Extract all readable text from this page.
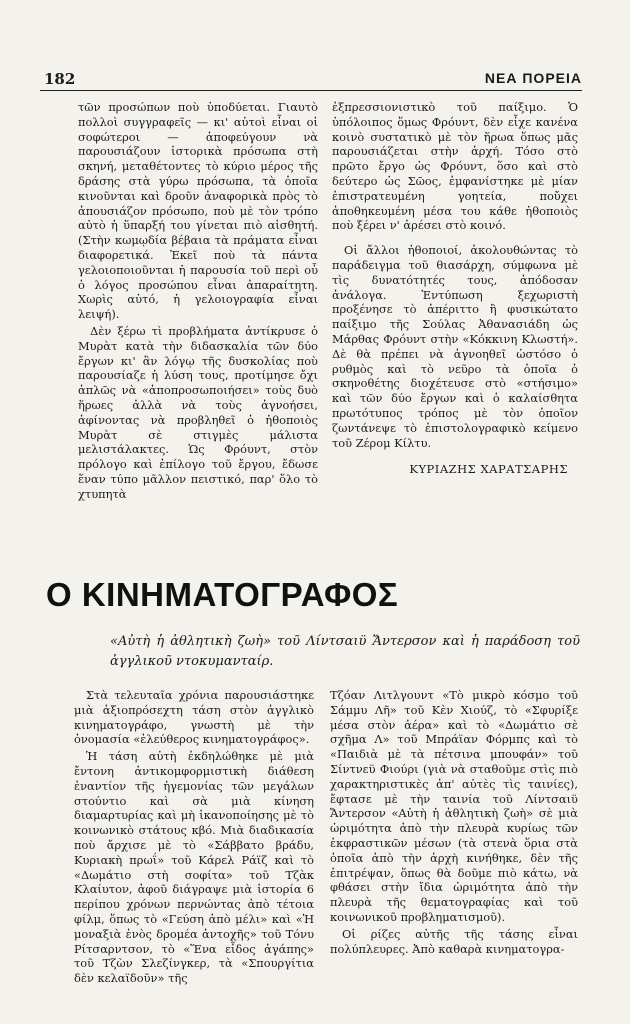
182	ΝΕΑ ΠΟΡΕΙΑ

τῶν προσώπων ποὺ ὑποδύεται. Γιαυτὸ πολλοὶ συγγραφεῖς — κι' αὐτοὶ εἶναι οἱ σοφώτεροι — ἀποφεύγουν νὰ παρουσιάζουν ἱστορικὰ πρόσωπα στὴ σκηνή, μεταθέτοντες τὸ κύριο μέρος τῆς δράσης στὰ γύρω πρόσωπα, τὰ ὁποῖα κινοῦνται καὶ δροῦν ἀναφορικὰ πρὸς τὸ ἀπουσιάζον πρόσωπο, ποὺ μὲ τὸν τρόπο αὐτὸ ἡ ὕπαρξή του γίνεται πιὸ αἰσθητή. (Στὴν κωμῳδία βέβαια τὰ πράματα εἶναι διαφορετικά. Ἐκεῖ ποὺ τὰ πάντα γελοιοποιοῦνται ἡ παρουσία τοῦ περὶ οὗ ὁ λόγος προσώπου εἶναι ἀπαραίτητη. Χωρὶς αὐτό, ἡ γελοιογραφία εἶναι λειψή).

Δὲν ξέρω τὶ προβλήματα ἀντίκρυσε ὁ Μυρὰτ κατὰ τὴν διδασκαλία τῶν δύο ἔργων κι' ἂν λόγῳ τῆς δυσκολίας ποὺ παρουσίαζε ἡ λύση τους, προτίμησε ὄχι ἁπλῶς νὰ «ἀποπροσωποιήσει» τοὺς δυὸ ἥρωες ἀλλὰ νὰ τοὺς ἀγνοήσει, ἀφίνοντας νὰ προβληθεῖ ὁ ἠθοποιὸς Μυρὰτ σὲ στιγμὲς μάλιστα μελιστάλακτες. Ὡς Φρόυντ, στὸν πρόλογο καὶ ἐπίλογο τοῦ ἔργου, ἔδωσε ἕναν τύπο μᾶλλον πειστικό, παρ' ὅλο τὸ χτυπητὰ

ἐξπρεσσιονιστικὸ τοῦ παίξιμο. Ὁ ὑπόλοιπος ὅμως Φρόυντ, δὲν εἶχε κανένα κοινὸ συστατικὸ μὲ τὸν ἥρωα ὅπως μᾶς παρουσιάζεται στὴν ἀρχή. Τόσο στὸ πρῶτο ἔργο ὡς Φρόυντ, ὅσο καὶ στὸ δεύτερο ὡς Σῶος, ἐμφανίστηκε μὲ μίαν ἐπιστρατευμένη γοητεία, ποὔχει ἀποθηκευμένη μέσα του κάθε ἠθοποιὸς ποὺ ξέρει ν' ἀρέσει στὸ κοινό.

Οἱ ἄλλοι ἠθοποιοί, ἀκολουθώντας τὸ παράδειγμα τοῦ θιασάρχη, σύμφωνα μὲ τὶς δυνατότητές τους, ἀπόδοσαν ἀνάλογα. Ἐντύπωση ξεχωριστὴ προξένησε τὸ ἀπέριττο ἢ φυσικώτατο παίξιμο τῆς Σούλας Ἀθανασιάδη ὡς Μάρθας Φρόυντ στὴν «Κόκκινη Κλωστή». Δὲ θὰ πρέπει νὰ ἀγνοηθεῖ ὡστόσο ὁ ρυθμὸς καὶ τὸ νεῦρο τὰ ὁποῖα ὁ σκηνοθέτης διοχέτευσε στὸ «στήσιμο» καὶ τῶν δύο ἔργων καὶ ὁ καλαίσθητα πρωτότυπος τρόπος μὲ τὸν ὁποῖον ζωντάνεψε τὸ ἐπιστολογραφικὸ κείμενο τοῦ Ζέρομ Κίλτυ.

ΚΥΡΙΑΖΗΣ ΧΑΡΑΤΣΑΡΗΣ
Ο ΚΙΝΗΜΑΤΟΓΡΑΦΟΣ
«Αὐτὴ ἡ ἀθλητικὴ ζωὴ» τοῦ Λίντσαιϋ Ἄντερσον καὶ ἡ παράδοση τοῦ ἀγγλικοῦ ντοκυμανταίρ.

Στὰ τελευταῖα χρόνια παρουσιάστηκε μιὰ ἀξιοπρόσεχτη τάση στὸν ἀγγλικὸ κινηματογράφο, γνωστὴ μὲ τὴν ὀνομασία «ἐλεύθερος κινηματογράφος».

Ἡ τάση αὐτὴ ἐκδηλώθηκε μὲ μιὰ ἔντονη ἀντικομφορμιστικὴ διάθεση ἐναντίον τῆς ἡγεμονίας τῶν μεγάλων στούντιο καὶ σὰ μιὰ κίνηση διαμαρτυρίας καὶ μὴ ἱκανοποίησης μὲ τὸ κοινωνικὸ στάτους κβό. Μιὰ διαδικασία ποὺ ἄρχισε μὲ τὸ «Σάββατο βράδυ, Κυριακὴ πρωΐ» τοῦ Κάρελ Ράϊζ καὶ τὸ «Δωμάτιο στὴ σοφίτα» τοῦ Τζὰκ Κλαίυτον, ἀφοῦ διάγραψε μιὰ ἱστορία 6 περίπου χρόνων περνώντας ἀπὸ τέτοια φίλμ, ὅπως τὸ «Γεύση ἀπὸ μέλι» καὶ «Ἡ μοναξιὰ ἑνὸς δρομέα ἀντοχῆς» τοῦ Τόνυ Ρίτσαρντσον, τὸ «Ἕνα εἶδος ἀγάπης» τοῦ Τζὼν Σλεζίνγκερ, τὰ «Σπουργίτια δὲν κελαϊδοῦν» τῆς

Τζόαν Λιτλγουντ «Τὸ μικρὸ κόσμο τοῦ Σάμμυ Λῆ» τοῦ Κὲν Χιούζ, τὸ «Σφυρίξε μέσα στὸν ἀέρα» καὶ τὸ «Δωμάτιο σὲ σχῆμα Λ» τοῦ Μπράϊαν Φόρμπς καὶ τὸ «Παιδιὰ μὲ τὰ πέτσινα μπουφάν» τοῦ Σίντνεϋ Φιούρι (γιὰ νὰ σταθοῦμε στὶς πιὸ χαρακτηριστικὲς ἀπ' αὐτὲς τὶς ταινίες), ἔφτασε μὲ τὴν ταινία τοῦ Λίντσαιϋ Ἄντερσον «Αὐτὴ ἡ ἀθλητικὴ ζωὴ» σὲ μιὰ ὡριμότητα ἀπὸ τὴν πλευρὰ κυρίως τῶν ἐκφραστικῶν μέσων (τὰ στενὰ ὅρια στὰ ὁποῖα ἀπὸ τὴν ἀρχὴ κινήθηκε, δὲν τῆς ἐπιτρέψαν, ὅπως θὰ δοῦμε πιὸ κάτω, νὰ φθάσει στὴν ἴδια ὡριμότητα ἀπὸ τὴν πλευρὰ τῆς θεματογραφίας καὶ τοῦ κοινωνικοῦ προβληματισμοῦ).

Οἱ ρίζες αὐτῆς τῆς τάσης εἶναι πολύπλευρες. Ἀπὸ καθαρὰ κινηματογρα-
